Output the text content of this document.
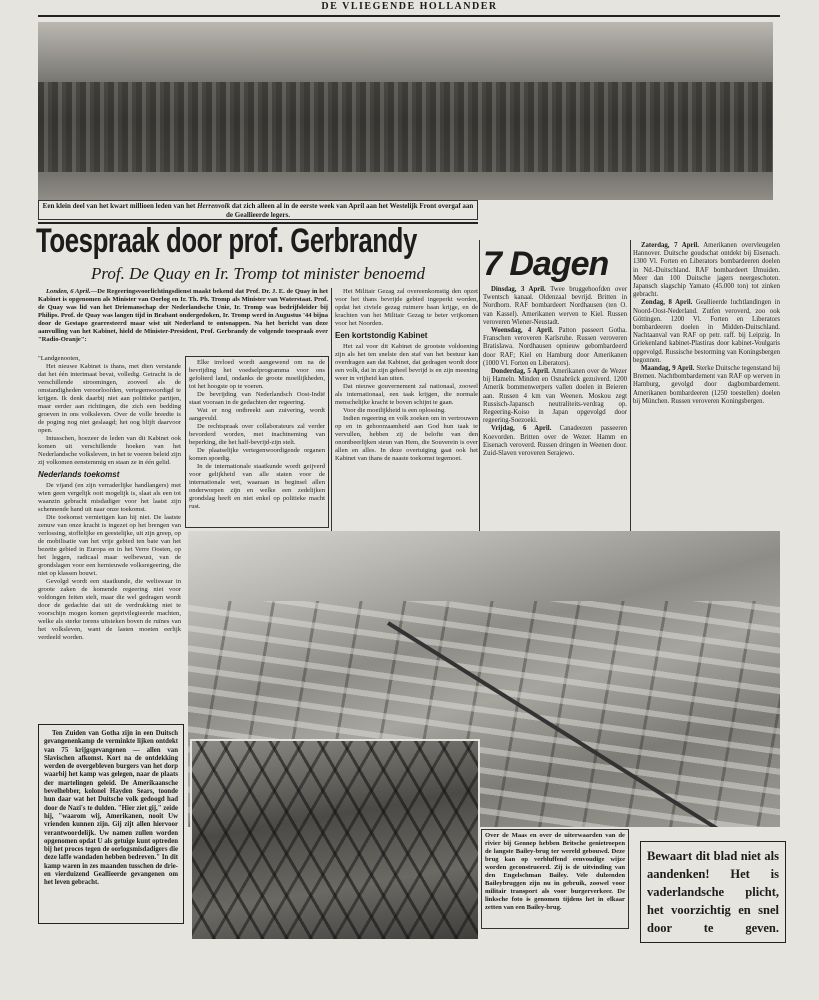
DE VLIEGENDE HOLLANDER
Een klein deel van het kwart millioen leden van het Herrenvolk dat zich alleen al in de eerste week van April aan het Westelijk Front overgaf aan de Geallieerde legers.
Toespraak door prof. Gerbrandy
Prof. De Quay en Ir. Tromp tot minister benoemd

Londen, 6 April.—De Regeeringsvoorlichtingsdienst maakt bekend dat Prof. Dr. J. E. de Quay in het Kabinet is opgenomen als Minister van Oorlog en Ir. Th. Ph. Tromp als Minister van Waterstaat. Prof. de Quay was lid van het Driemanschap der Nederlandsche Unie, Ir. Tromp was bedrijfsleider bij Philips. Prof. de Quay was langen tijd in Brabant ondergedoken, Ir. Tromp werd in Augustus '44 bijna door de Gestapo gearresteerd maar wist uit Nederland te ontsnappen. Na het bericht van deze aanvulling van het Kabinet, hield de Minister-President, Prof. Gerbrandy de volgende toespraak over "Radio-Oranje":

"Landgenooten,

Het nieuwe Kabinet is thans, met dien verstande dat het één interimaat bevat, volledig. Getracht is de verschillende stroomingen, zooveel als de omstandigheden veroorloofden, vertegenwoordigd te krijgen. Ik denk daarbij niet aan politieke partijen, maar eerder aan richtingen, die zich een bedding groeven in ons volksleven. Over de volle breedte is de poging nog niet geslaagd; het oog blijft daarvoor open.

Intusschen, hoezeer de leden van dit Kabinet ook komen uit verschillende hoeken van het Nederlandsche volksleven, in het te voeren beleid zijn zij volkomen eenstemmig en staan ze in één gelid.

Nederlands toekomst

De vijand (en zijn verraderlijke handlangers) met wien geen vergelijk ooit mogelijk is, slaat als een tot waanzin gebracht misdadiger voor het laatst zijn schennende hand uit naar onze toekomst.

Die toekomst vernietigen kan hij niet. De laatste zenuw van onze kracht is ingezet op het brengen van verlossing, stoffelijke en geestelijke, uit zijn greep, op de mobilisatie van het vrije gebied ten bate van het bezette gebied in Europa en in het Verre Oosten, op het leggen, radicaal maar welbewust, van de grondslagen voor een hernieuwde volksregeering, die niet op klassen bouwt.

Gevolgd wordt een staatkunde, die weliswaar in groote zaken de komende regeering niet voor voldongen feiten stelt, maar die wel gedragen wordt door de gedachte dat uit de verdrukking niet te voorschijn mogen komen geprivilegieerde machten, welke als sterke torens uitsteken boven de ruïnes van het volksleven, want de lasten moeten eerlijk verdeeld worden.

Elke invloed wordt aangewend om na de bevrijding het voedselprogramma voor ons gefolterd land, ondanks de groote moeilijkheden, tot het hoogste op te voeren.

De bevrijding van Nederlandsch Oost-Indië staat vooraan in de gedachten der regeering.

Wat er nog ontbreekt aan zuivering, wordt aangevuld.

De rechtspraak over collaborateurs zal verder bevorderd worden, met inachtneming van beperking, die het half-bevrijd-zijn stelt.

De plaatselijke vertegenwoordigende organen komen spoedig.

In de internationale staatkunde wordt geijverd voor gelijkheid van alle staten voor de internationale wet, waaraan in beginsel allen onderworpen zijn en welke een zedelijken grondslag heeft en niet enkel op politieke macht rust.

Het Militair Gezag zal overeenkomstig den opzet voor het thans bevrijde gebied ingeperkt worden, opdat het civiele gezag ruimere baan krijge, en de krachten van het Militair Gezag te beter vrijkomen voor het Noorden.

Een kortstondig Kabinet

Het zal voor dit Kabinet de grootste voldoening zijn als het ten snelste den staf van het bestuur kan overdragen aan dat Kabinet, dat gedragen wordt door een volk, dat in zijn geheel bevrijd is en zijn meening weer in vrijheid kan uiten.

Dat nieuwe gouvernement zal nationaal, zoowel als internationaal, een taak krijgen, die normale menschelijke kracht te boven schijnt te gaan.

Voor die moeilijkheid is een oplossing.

Indien regeering en volk zoeken om in vertrouwen op en in gehoorzaamheid aan God hun taak te vervullen, hebben zij de belofte van den onontbeerlijken steun van Hem, die Souverein is over allen en alles. In deze overtuiging gaat ook het Kabinet van thans de naaste toekomst tegemoet.

7 Dagen

Dinsdag, 3 April. Twee bruggehoofden over Twentsch kanaal. Oldenzaal bevrijd. Britten in Nordhorn. RAF bombardeert Nordhausen (ten O. van Kassel). Amerikanen werven te Kiel. Russen veroveren Wiener-Neustadt.

Woensdag, 4 April. Patton passeert Gotha. Franschen veroveren Karlsruhe. Russen veroveren Bratislawa. Nordhausen opnieuw gebombardeerd door RAF; Kiel en Hamburg door Amerikanen (1000 Vl. Forten en Liberators).

Donderdag, 5 April. Amerikanen over de Wezer bij Hameln. Minden en Osnabrück gezuiverd. 1200 Amerik bommenwerpers vallen doelen in Beieren aan. Russen 4 km van Weenen. Moskou zegt Russisch-Japansch neutraliteits-verdrag op. Regeering-Koiso in Japan opgevolgd door regeering-Soezoeki.

Vrijdag, 6 April. Canadeezen passeeren Koevorden. Britten over de Wezer. Hamm en Eisenach veroverd. Russen dringen in Weenen door. Zuid-Slaven veroveren Serajewo.

Zaterdag, 7 April. Amerikanen overvleugelen Hannover. Duitsche goudschat ontdekt bij Eisenach. 1300 Vl. Forten en Liberators bombardeeren doelen in Nd.-Duitschland. RAF bombardeert IJmuiden. Meer dan 100 Duitsche jagers neergeschoten. Japansch slagschip Yamato (45.000 ton) tot zinken gebracht.

Zondag, 8 April. Geallieerde luchtlandingen in Noord-Oost-Nederland. Zutfen veroverd, zoo ook Göttingen. 1200 Vl. Forten en Liberators bombardeeren doelen in Midden-Duitschland. Nachtaanval van RAF op petr. raff. bij Leipzig. In Griekenland kabinet-Plastiras door kabinet-Voulgaris opgevolgd. Russische bestorming van Koningsbergen begonnen.

Maandag, 9 April. Sterke Duitsche tegenstand bij Bremen. Nachtbombardement van RAF op werven in Hamburg, gevolgd door dagbombardement. Amerikanen bombardeeren (1250 toestellen) doelen bij München. Russen veroveren Koningsbergen.

Ten Zuiden van Gotha zijn in een Duitsch gevangenenkamp de verminkte lijken ontdekt van 75 krijgsgevangenen — allen van Slavischen afkomst. Kort na de ontdekking werden de overgebleven burgers van het dorp waarbij het kamp was gelegen, naar de plaats der martelingen geleid. De Amerikaansche bevelhebber, kolonel Hayden Sears, toonde hun daar wat het Duitsche volk gedoogd had door de Nazi's te dulden. "Hier ziet gij," zeide hij, "waarom wij, Amerikanen, nooit Uw vrienden kunnen zijn. Gij zijt allen hiervoor verantwoordelijk. Uw namen zullen worden opgenomen opdat U als getuige kunt optreden bij het proces tegen de oorlogsmisdadigers die deze laffe wandaden hebben bedreven." In dit kamp waren in zes maanden tusschen de drie- en vierduizend Geallieerde gevangenen om het leven gebracht.

Over de Maas en over de uiterwaarden van de rivier bij Gennep hebben Britsche genietroepen de langste Bailey-brug ter wereld gebouwd. Deze brug kan op verbluffend eenvoudige wijze worden geconstrueerd. Zij is de uitvinding van den Engelschman Bailey. Vele dulzenden Baileybruggen zijn nu in gebruik, zoowel voor militair transport als voor burgerverkeer. De linksche foto is genomen tijdens het in elkaar zetten van een Bailey-brug.

Bewaart dit blad niet als aandenken! Het is vaderlandsche plicht, het voorzichtig en snel door te geven.
